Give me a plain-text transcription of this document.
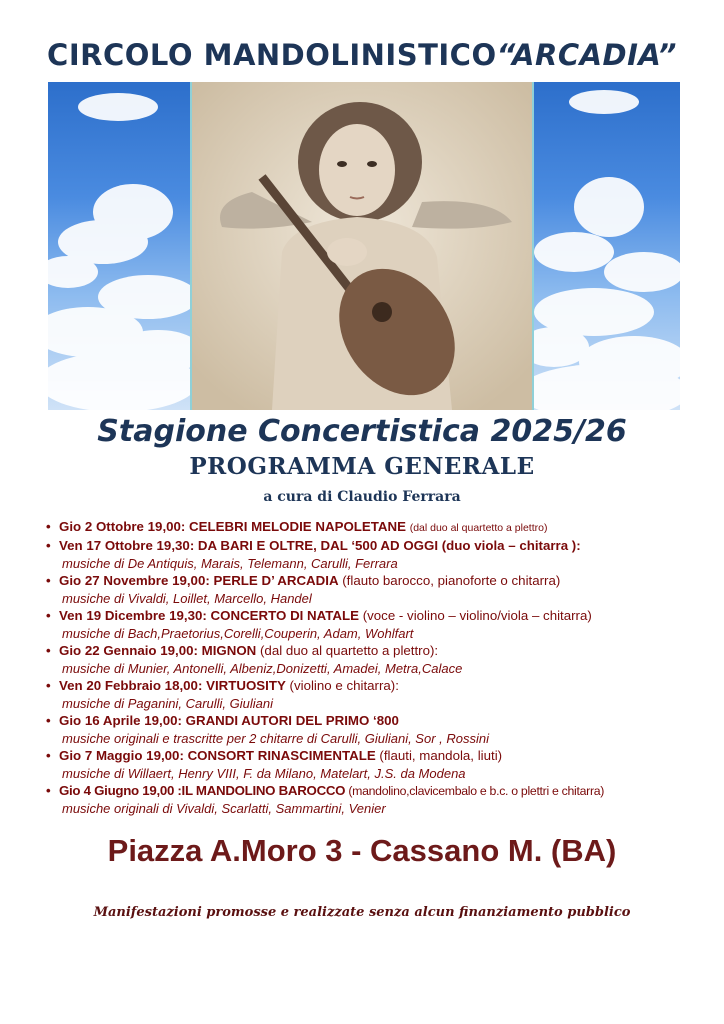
CIRCOLO MANDOLINISTICO“ARCADIA”
Stagione Concertistica 2025/26
PROGRAMMA GENERALE
a cura di Claudio Ferrara
• Gio 2 Ottobre 19,00: CELEBRI MELODIE NAPOLETANE (dal duo al quartetto a plettro)
• Ven 17 Ottobre 19,30: DA BARI E OLTRE, DAL ‘500 AD OGGI (duo viola – chitarra ):
musiche di De Antiquis, Marais, Telemann, Carulli, Ferrara
• Gio 27 Novembre 19,00: PERLE D’ ARCADIA (flauto barocco, pianoforte o chitarra)
musiche di Vivaldi, Loillet, Marcello, Handel
• Ven 19 Dicembre 19,30: CONCERTO DI NATALE (voce - violino – violino/viola – chitarra)
musiche di Bach,Praetorius,Corelli,Couperin, Adam, Wohlfart
• Gio 22 Gennaio 19,00: MIGNON (dal duo al quartetto a plettro):
musiche di Munier, Antonelli, Albeniz,Donizetti, Amadei, Metra,Calace
• Ven 20 Febbraio 18,00: VIRTUOSITY (violino e chitarra):
musiche di Paganini, Carulli, Giuliani
• Gio 16 Aprile 19,00: GRANDI AUTORI DEL PRIMO ‘800
musiche originali e trascritte per 2 chitarre di Carulli, Giuliani, Sor , Rossini
• Gio 7 Maggio 19,00: CONSORT RINASCIMENTALE (flauti, mandola, liuti)
musiche di Willaert, Henry VIII, F. da Milano, Matelart, J.S. da Modena
• Gio 4 Giugno 19,00 :IL MANDOLINO BAROCCO (mandolino,clavicembalo e b.c. o plettri e chitarra)
musiche originali di Vivaldi, Scarlatti, Sammartini, Venier
Piazza A.Moro 3 - Cassano M. (BA)
Manifestazioni promosse e realizzate senza alcun finanziamento pubblico
